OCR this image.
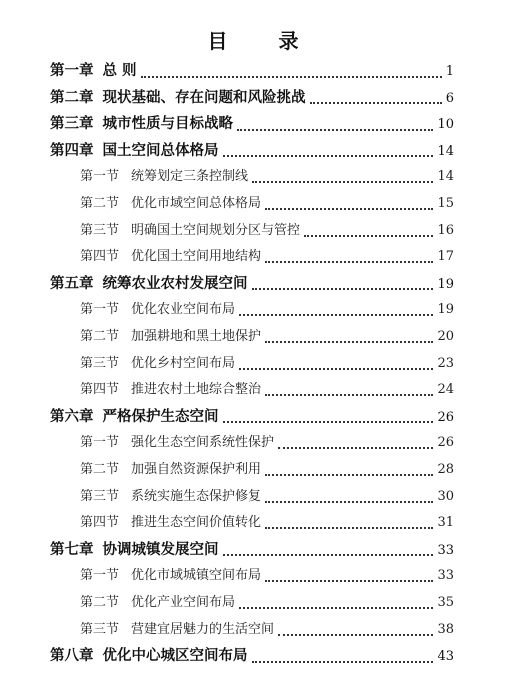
目 录
第一章 总 则	1
第二章 现状基础、存在问题和风险挑战	6
第三章 城市性质与目标战略	10
第四章 国土空间总体格局	14
第一节 统筹划定三条控制线	14
第二节 优化市域空间总体格局	15
第三节 明确国土空间规划分区与管控	16
第四节 优化国土空间用地结构	17
第五章 统筹农业农村发展空间	19
第一节 优化农业空间布局	19
第二节 加强耕地和黑土地保护	20
第三节 优化乡村空间布局	23
第四节 推进农村土地综合整治	24
第六章 严格保护生态空间	26
第一节 强化生态空间系统性保护	26
第二节 加强自然资源保护利用	28
第三节 系统实施生态保护修复	30
第四节 推进生态空间价值转化	31
第七章 协调城镇发展空间	33
第一节 优化市域城镇空间布局	33
第二节 优化产业空间布局	35
第三节 营建宜居魅力的生活空间	38
第八章 优化中心城区空间布局	43
